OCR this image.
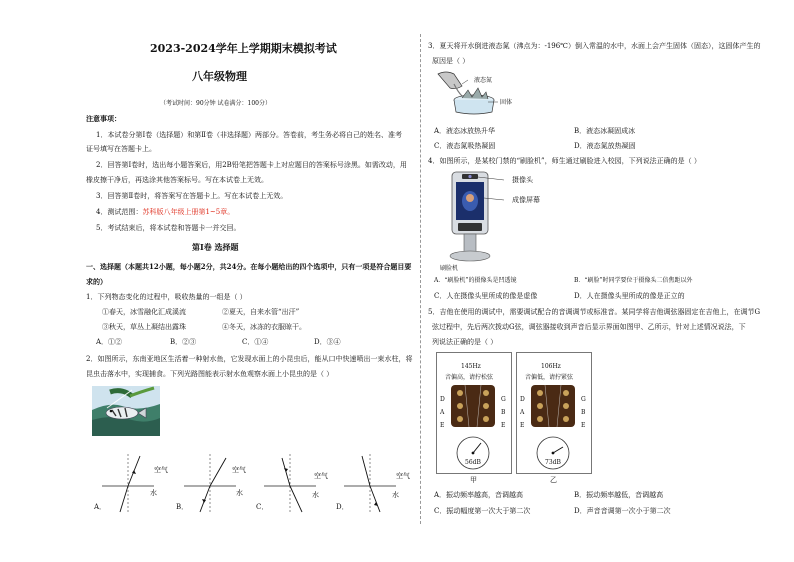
2023-2024学年上学期期末模拟考试
八年级物理
（考试时间：90分钟 试卷满分：100分）
注意事项：
1．本试卷分第Ⅰ卷（选择题）和第Ⅱ卷（非选择题）两部分。答卷前，考生务必将自己的姓名、准考
证号填写在答题卡上。
2．回答第Ⅰ卷时，选出每小题答案后，用2B铅笔把答题卡上对应题目的答案标号涂黑。如需改动，用
橡皮擦干净后，再选涂其他答案标号。写在本试卷上无效。
3．回答第Ⅱ卷时，将答案写在答题卡上。写在本试卷上无效。
4．测试范围：苏科版八年级上册第1~5章。
5．考试结束后，将本试卷和答题卡一并交回。
第Ⅰ卷 选择题
一、选择题（本题共12小题，每小题2分，共24分。在每小题给出的四个选项中，只有一项是符合题目要
求的）
1．下列物态变化的过程中，吸收热量的一组是（ ）
①春天，冰雪融化汇成溪流	②夏天，自来水管“出汗”
③秋天，草丛上凝结出露珠	④冬天，冰冻的衣服晾干。
A．①②	B．②③	C．①④	D．③④
2．如图所示，东南亚地区生活着一种射水鱼，它发现水面上的小昆虫后，能从口中快速喷出一束水柱，将
昆虫击落水中，实现捕食。下列光路图能表示射水鱼观察水面上小昆虫的是（ ）
空气
水
空气
水
空气
水
空气
水
A．	B．	C．	D．
3．夏天将开水倒进液态氮（沸点为：-196℃）倒入常温的水中，水面上会产生固体（固态），这固体产生的
原因是（ ）
液态氮
固体
A．液态冰放热升华	B．液态冰凝固成冰
C．液态氮吸热凝固	D．液态氮放热凝固
4．如图所示，是某校门禁的“刷脸机”，师生通过刷脸进入校园，下列说法正确的是（ ）
摄像头
成像屏幕
刷脸机
A．“刷脸机”的摄像头是凹透镜	B．“刷脸”时同学要位于摄像头二倍焦距以外
C．人在摄像头里所成的像是虚像	D．人在摄像头里所成的像是正立的
5．吉他在使用的调试中，需要调试配合的音调调节或标准音。某同学将吉他调弦器固定在吉他上，在调节G
弦过程中，先后两次拨动G弦，调弦器接收到声音后显示界面如图甲、乙所示，针对上述情况说法，下
列说法正确的是（ ）
145Hz
音偏高，请拧松弦
D
A
E
G
B
E
56dB
106Hz
音偏低，请拧紧弦
D
A
E
G
B
E
73dB
甲	乙
A．振动频率越高，音调越高	B．振动频率越低，音调越高
C．振动幅度第一次大于第二次	D．声音音调第一次小于第二次
